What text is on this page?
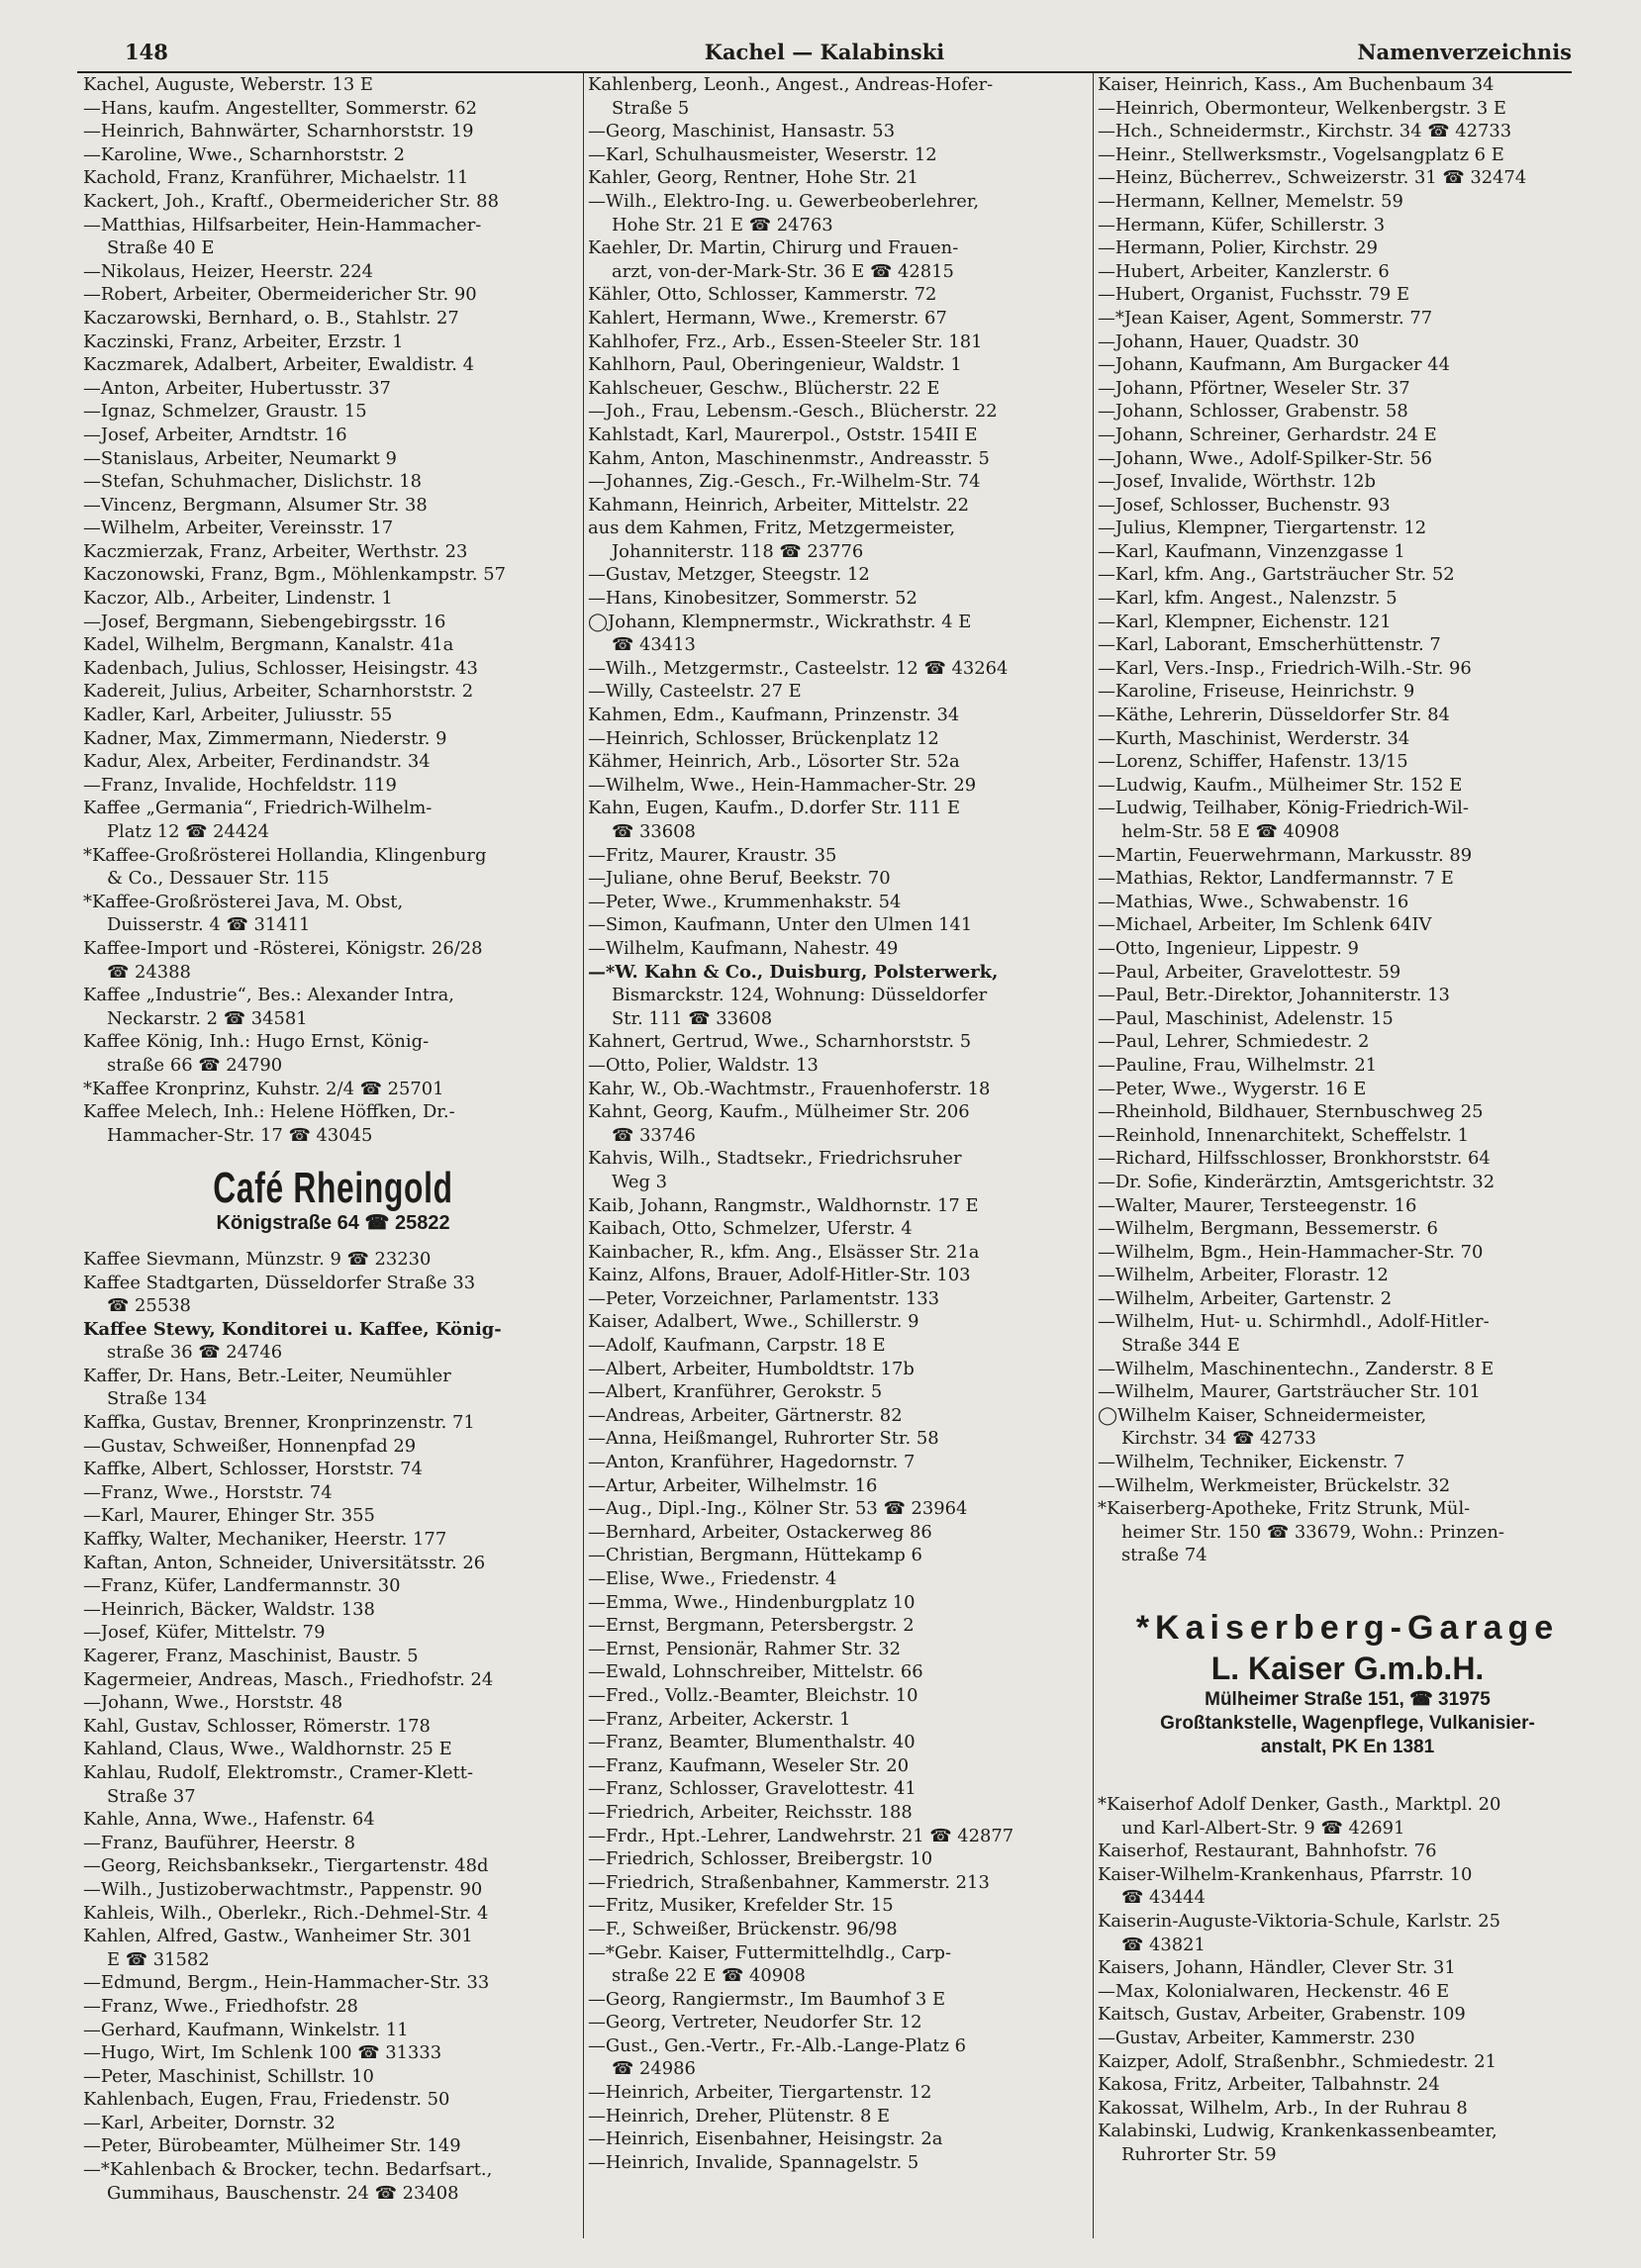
148	Kachel — Kalabinski	Namenverzeichnis
Kachel, Auguste, Weberstr. 13 E
—Hans, kaufm. Angestellter, Sommerstr. 62
—Heinrich, Bahnwärter, Scharnhorststr. 19
—Karoline, Wwe., Scharnhorststr. 2
Kachold, Franz, Kranführer, Michaelstr. 11
Kackert, Joh., Kraftf., Obermeidericher Str. 88
—Matthias, Hilfsarbeiter, Hein-Hammacher-
Straße 40 E
—Nikolaus, Heizer, Heerstr. 224
—Robert, Arbeiter, Obermeidericher Str. 90
Kaczarowski, Bernhard, o. B., Stahlstr. 27
Kaczinski, Franz, Arbeiter, Erzstr. 1
Kaczmarek, Adalbert, Arbeiter, Ewaldistr. 4
—Anton, Arbeiter, Hubertusstr. 37
—Ignaz, Schmelzer, Graustr. 15
—Josef, Arbeiter, Arndtstr. 16
—Stanislaus, Arbeiter, Neumarkt 9
—Stefan, Schuhmacher, Dislichstr. 18
—Vincenz, Bergmann, Alsumer Str. 38
—Wilhelm, Arbeiter, Vereinsstr. 17
Kaczmierzak, Franz, Arbeiter, Werthstr. 23
Kaczonowski, Franz, Bgm., Möhlenkampstr. 57
Kaczor, Alb., Arbeiter, Lindenstr. 1
—Josef, Bergmann, Siebengebirgsstr. 16
Kadel, Wilhelm, Bergmann, Kanalstr. 41a
Kadenbach, Julius, Schlosser, Heisingstr. 43
Kadereit, Julius, Arbeiter, Scharnhorststr. 2
Kadler, Karl, Arbeiter, Juliusstr. 55
Kadner, Max, Zimmermann, Niederstr. 9
Kadur, Alex, Arbeiter, Ferdinandstr. 34
—Franz, Invalide, Hochfeldstr. 119
Kaffee „Germania“, Friedrich-Wilhelm-
Platz 12 ☎ 24424
*Kaffee-Großrösterei Hollandia, Klingenburg
& Co., Dessauer Str. 115
*Kaffee-Großrösterei Java, M. Obst,
Duisserstr. 4 ☎ 31411
Kaffee-Import und -Rösterei, Königstr. 26/28
☎ 24388
Kaffee „Industrie“, Bes.: Alexander Intra,
Neckarstr. 2 ☎ 34581
Kaffee König, Inh.: Hugo Ernst, König-
straße 66 ☎ 24790
*Kaffee Kronprinz, Kuhstr. 2/4 ☎ 25701
Kaffee Melech, Inh.: Helene Höffken, Dr.-
Hammacher-Str. 17 ☎ 43045
Café Rheingold
Königstraße 64 ☎ 25822
Kaffee Sievmann, Münzstr. 9 ☎ 23230
Kaffee Stadtgarten, Düsseldorfer Straße 33
☎ 25538
Kaffee Stewy, Konditorei u. Kaffee, König-
straße 36 ☎ 24746
Kaffer, Dr. Hans, Betr.-Leiter, Neumühler
Straße 134
Kaffka, Gustav, Brenner, Kronprinzenstr. 71
—Gustav, Schweißer, Honnenpfad 29
Kaffke, Albert, Schlosser, Horststr. 74
—Franz, Wwe., Horststr. 74
—Karl, Maurer, Ehinger Str. 355
Kaffky, Walter, Mechaniker, Heerstr. 177
Kaftan, Anton, Schneider, Universitätsstr. 26
—Franz, Küfer, Landfermannstr. 30
—Heinrich, Bäcker, Waldstr. 138
—Josef, Küfer, Mittelstr. 79
Kagerer, Franz, Maschinist, Baustr. 5
Kagermeier, Andreas, Masch., Friedhofstr. 24
—Johann, Wwe., Horststr. 48
Kahl, Gustav, Schlosser, Römerstr. 178
Kahland, Claus, Wwe., Waldhornstr. 25 E
Kahlau, Rudolf, Elektromstr., Cramer-Klett-
Straße 37
Kahle, Anna, Wwe., Hafenstr. 64
—Franz, Bauführer, Heerstr. 8
—Georg, Reichsbanksekr., Tiergartenstr. 48d
—Wilh., Justizoberwachtmstr., Pappenstr. 90
Kahleis, Wilh., Oberlekr., Rich.-Dehmel-Str. 4
Kahlen, Alfred, Gastw., Wanheimer Str. 301
E ☎ 31582
—Edmund, Bergm., Hein-Hammacher-Str. 33
—Franz, Wwe., Friedhofstr. 28
—Gerhard, Kaufmann, Winkelstr. 11
—Hugo, Wirt, Im Schlenk 100 ☎ 31333
—Peter, Maschinist, Schillstr. 10
Kahlenbach, Eugen, Frau, Friedenstr. 50
—Karl, Arbeiter, Dornstr. 32
—Peter, Bürobeamter, Mülheimer Str. 149
—*Kahlenbach & Brocker, techn. Bedarfsart.,
Gummihaus, Bauschenstr. 24 ☎ 23408
Kahlenberg, Leonh., Angest., Andreas-Hofer-
Straße 5
—Georg, Maschinist, Hansastr. 53
—Karl, Schulhausmeister, Weserstr. 12
Kahler, Georg, Rentner, Hohe Str. 21
—Wilh., Elektro-Ing. u. Gewerbeoberlehrer,
Hohe Str. 21 E ☎ 24763
Kaehler, Dr. Martin, Chirurg und Frauen-
arzt, von-der-Mark-Str. 36 E ☎ 42815
Kähler, Otto, Schlosser, Kammerstr. 72
Kahlert, Hermann, Wwe., Kremerstr. 67
Kahlhofer, Frz., Arb., Essen-Steeler Str. 181
Kahlhorn, Paul, Oberingenieur, Waldstr. 1
Kahlscheuer, Geschw., Blücherstr. 22 E
—Joh., Frau, Lebensm.-Gesch., Blücherstr. 22
Kahlstadt, Karl, Maurerpol., Oststr. 154II E
Kahm, Anton, Maschinenmstr., Andreasstr. 5
—Johannes, Zig.-Gesch., Fr.-Wilhelm-Str. 74
Kahmann, Heinrich, Arbeiter, Mittelstr. 22
aus dem Kahmen, Fritz, Metzgermeister,
Johanniterstr. 118 ☎ 23776
—Gustav, Metzger, Steegstr. 12
—Hans, Kinobesitzer, Sommerstr. 52
◯Johann, Klempnermstr., Wickrathstr. 4 E
☎ 43413
—Wilh., Metzgermstr., Casteelstr. 12 ☎ 43264
—Willy, Casteelstr. 27 E
Kahmen, Edm., Kaufmann, Prinzenstr. 34
—Heinrich, Schlosser, Brückenplatz 12
Kähmer, Heinrich, Arb., Lösorter Str. 52a
—Wilhelm, Wwe., Hein-Hammacher-Str. 29
Kahn, Eugen, Kaufm., D.dorfer Str. 111 E
☎ 33608
—Fritz, Maurer, Kraustr. 35
—Juliane, ohne Beruf, Beekstr. 70
—Peter, Wwe., Krummenhakstr. 54
—Simon, Kaufmann, Unter den Ulmen 141
—Wilhelm, Kaufmann, Nahestr. 49
—*W. Kahn & Co., Duisburg, Polsterwerk,
Bismarckstr. 124, Wohnung: Düsseldorfer
Str. 111 ☎ 33608
Kahnert, Gertrud, Wwe., Scharnhorststr. 5
—Otto, Polier, Waldstr. 13
Kahr, W., Ob.-Wachtmstr., Frauenhoferstr. 18
Kahnt, Georg, Kaufm., Mülheimer Str. 206
☎ 33746
Kahvis, Wilh., Stadtsekr., Friedrichsruher
Weg 3
Kaib, Johann, Rangmstr., Waldhornstr. 17 E
Kaibach, Otto, Schmelzer, Uferstr. 4
Kainbacher, R., kfm. Ang., Elsässer Str. 21a
Kainz, Alfons, Brauer, Adolf-Hitler-Str. 103
—Peter, Vorzeichner, Parlamentstr. 133
Kaiser, Adalbert, Wwe., Schillerstr. 9
—Adolf, Kaufmann, Carpstr. 18 E
—Albert, Arbeiter, Humboldtstr. 17b
—Albert, Kranführer, Gerokstr. 5
—Andreas, Arbeiter, Gärtnerstr. 82
—Anna, Heißmangel, Ruhrorter Str. 58
—Anton, Kranführer, Hagedornstr. 7
—Artur, Arbeiter, Wilhelmstr. 16
—Aug., Dipl.-Ing., Kölner Str. 53 ☎ 23964
—Bernhard, Arbeiter, Ostackerweg 86
—Christian, Bergmann, Hüttekamp 6
—Elise, Wwe., Friedenstr. 4
—Emma, Wwe., Hindenburgplatz 10
—Ernst, Bergmann, Petersbergstr. 2
—Ernst, Pensionär, Rahmer Str. 32
—Ewald, Lohnschreiber, Mittelstr. 66
—Fred., Vollz.-Beamter, Bleichstr. 10
—Franz, Arbeiter, Ackerstr. 1
—Franz, Beamter, Blumenthalstr. 40
—Franz, Kaufmann, Weseler Str. 20
—Franz, Schlosser, Gravelottestr. 41
—Friedrich, Arbeiter, Reichsstr. 188
—Frdr., Hpt.-Lehrer, Landwehrstr. 21 ☎ 42877
—Friedrich, Schlosser, Breibergstr. 10
—Friedrich, Straßenbahner, Kammerstr. 213
—Fritz, Musiker, Krefelder Str. 15
—F., Schweißer, Brückenstr. 96/98
—*Gebr. Kaiser, Futtermittelhdlg., Carp-
straße 22 E ☎ 40908
—Georg, Rangiermstr., Im Baumhof 3 E
—Georg, Vertreter, Neudorfer Str. 12
—Gust., Gen.-Vertr., Fr.-Alb.-Lange-Platz 6
☎ 24986
—Heinrich, Arbeiter, Tiergartenstr. 12
—Heinrich, Dreher, Plütenstr. 8 E
—Heinrich, Eisenbahner, Heisingstr. 2a
—Heinrich, Invalide, Spannagelstr. 5
Kaiser, Heinrich, Kass., Am Buchenbaum 34
—Heinrich, Obermonteur, Welkenbergstr. 3 E
—Hch., Schneidermstr., Kirchstr. 34 ☎ 42733
—Heinr., Stellwerksmstr., Vogelsangplatz 6 E
—Heinz, Bücherrev., Schweizerstr. 31 ☎ 32474
—Hermann, Kellner, Memelstr. 59
—Hermann, Küfer, Schillerstr. 3
—Hermann, Polier, Kirchstr. 29
—Hubert, Arbeiter, Kanzlerstr. 6
—Hubert, Organist, Fuchsstr. 79 E
—*Jean Kaiser, Agent, Sommerstr. 77
—Johann, Hauer, Quadstr. 30
—Johann, Kaufmann, Am Burgacker 44
—Johann, Pförtner, Weseler Str. 37
—Johann, Schlosser, Grabenstr. 58
—Johann, Schreiner, Gerhardstr. 24 E
—Johann, Wwe., Adolf-Spilker-Str. 56
—Josef, Invalide, Wörthstr. 12b
—Josef, Schlosser, Buchenstr. 93
—Julius, Klempner, Tiergartenstr. 12
—Karl, Kaufmann, Vinzenzgasse 1
—Karl, kfm. Ang., Gartsträucher Str. 52
—Karl, kfm. Angest., Nalenzstr. 5
—Karl, Klempner, Eichenstr. 121
—Karl, Laborant, Emscherhüttenstr. 7
—Karl, Vers.-Insp., Friedrich-Wilh.-Str. 96
—Karoline, Friseuse, Heinrichstr. 9
—Käthe, Lehrerin, Düsseldorfer Str. 84
—Kurth, Maschinist, Werderstr. 34
—Lorenz, Schiffer, Hafenstr. 13/15
—Ludwig, Kaufm., Mülheimer Str. 152 E
—Ludwig, Teilhaber, König-Friedrich-Wil-
helm-Str. 58 E ☎ 40908
—Martin, Feuerwehrmann, Markusstr. 89
—Mathias, Rektor, Landfermannstr. 7 E
—Mathias, Wwe., Schwabenstr. 16
—Michael, Arbeiter, Im Schlenk 64IV
—Otto, Ingenieur, Lippestr. 9
—Paul, Arbeiter, Gravelottestr. 59
—Paul, Betr.-Direktor, Johanniterstr. 13
—Paul, Maschinist, Adelenstr. 15
—Paul, Lehrer, Schmiedestr. 2
—Pauline, Frau, Wilhelmstr. 21
—Peter, Wwe., Wygerstr. 16 E
—Rheinhold, Bildhauer, Sternbuschweg 25
—Reinhold, Innenarchitekt, Scheffelstr. 1
—Richard, Hilfsschlosser, Bronkhorststr. 64
—Dr. Sofie, Kinderärztin, Amtsgerichtstr. 32
—Walter, Maurer, Tersteegenstr. 16
—Wilhelm, Bergmann, Bessemerstr. 6
—Wilhelm, Bgm., Hein-Hammacher-Str. 70
—Wilhelm, Arbeiter, Florastr. 12
—Wilhelm, Arbeiter, Gartenstr. 2
—Wilhelm, Hut- u. Schirmhdl., Adolf-Hitler-
Straße 344 E
—Wilhelm, Maschinentechn., Zanderstr. 8 E
—Wilhelm, Maurer, Gartsträucher Str. 101
◯Wilhelm Kaiser, Schneidermeister,
Kirchstr. 34 ☎ 42733
—Wilhelm, Techniker, Eickenstr. 7
—Wilhelm, Werkmeister, Brückelstr. 32
*Kaiserberg-Apotheke, Fritz Strunk, Mül-
heimer Str. 150 ☎ 33679, Wohn.: Prinzen-
straße 74
*Kaiserberg-Garage
L. Kaiser G.m.b.H.
Mülheimer Straße 151, ☎ 31975
Großtankstelle, Wagenpflege, Vulkanisier-
anstalt, PK En 1381
*Kaiserhof Adolf Denker, Gasth., Marktpl. 20
und Karl-Albert-Str. 9 ☎ 42691
Kaiserhof, Restaurant, Bahnhofstr. 76
Kaiser-Wilhelm-Krankenhaus, Pfarrstr. 10
☎ 43444
Kaiserin-Auguste-Viktoria-Schule, Karlstr. 25
☎ 43821
Kaisers, Johann, Händler, Clever Str. 31
—Max, Kolonialwaren, Heckenstr. 46 E
Kaitsch, Gustav, Arbeiter, Grabenstr. 109
—Gustav, Arbeiter, Kammerstr. 230
Kaizper, Adolf, Straßenbhr., Schmiedestr. 21
Kakosa, Fritz, Arbeiter, Talbahnstr. 24
Kakossat, Wilhelm, Arb., In der Ruhrau 8
Kalabinski, Ludwig, Krankenkassenbeamter,
Ruhrorter Str. 59
